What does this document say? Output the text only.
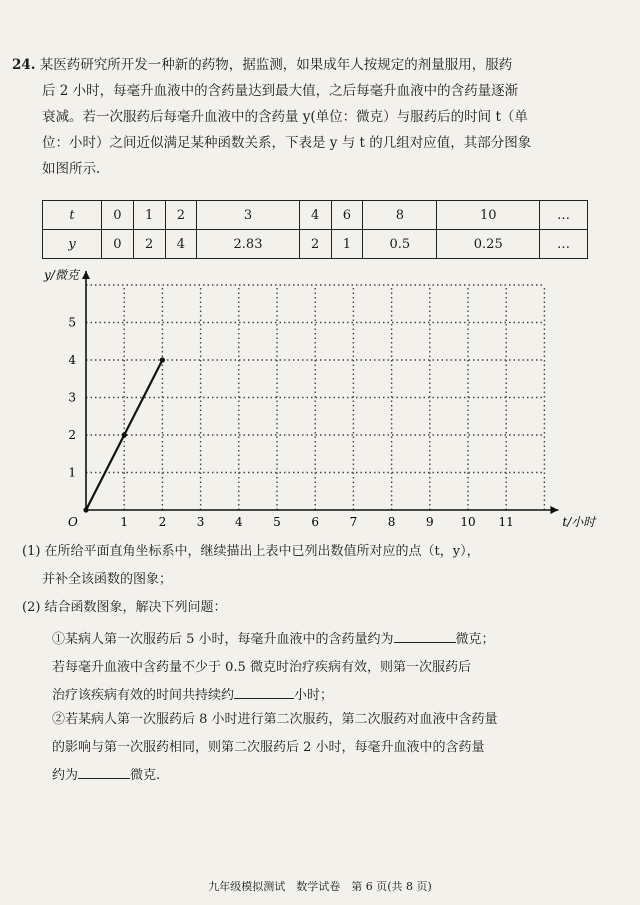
24. 某医药研究所开发一种新的药物，据监测，如果成年人按规定的剂量服用，服药
后 2 小时，每毫升血液中的含药量达到最大值，之后每毫升血液中的含药量逐渐
衰减。若一次服药后每毫升血液中的含药量 y(单位：微克）与服药后的时间 t（单
位：小时）之间近似满足某种函数关系，下表是 y 与 t 的几组对应值，其部分图象
如图所示.
t	0	1	2	3	4	6	8	10	…
y	0	2	4	2.83	2	1	0.5	0.25	…
1	2	3	4	5	6	7	8	9 10 11
1
2
3
4
5
y/微克
t/小时
O
(1) 在所给平面直角坐标系中，继续描出上表中已列出数值所对应的点（t，y），
并补全该函数的图象；
(2) 结合函数图象，解决下列问题：
①某病人第一次服药后 5 小时，每毫升血液中的含药量约为	微克；
若每毫升血液中含药量不少于 0.5 微克时治疗疾病有效，则第一次服药后
治疗该疾病有效的时间共持续约	小时；
②若某病人第一次服药后 8 小时进行第二次服药，第二次服药对血液中含药量
的影响与第一次服药相同，则第二次服药后 2 小时，每毫升血液中的含药量
约为	微克.
九年级模拟测试　数学试卷　第 6 页(共 8 页)
